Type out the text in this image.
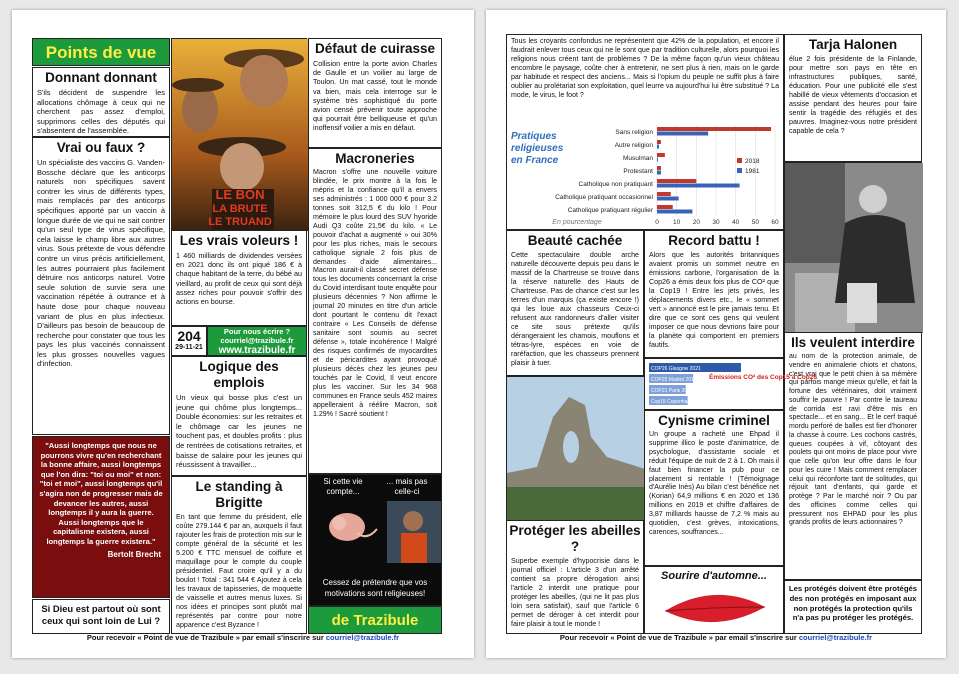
Points de vue
Donnant donnant
S'ils décident de suspendre les allocations chômage à ceux qui ne cherchent pas assez d'emploi, supprimons celles des députés qui s'absentent de l'assemblée.
Vrai ou faux ?
Un spécialiste des vaccins G. Vanden-Bossche déclare que les anticorps naturels non spécifiques savent contrer les virus de différents types, mais remplacés par des anticorps spécifiques apporté par un vaccin à longue durée de vie qui ne sait contrer qu'un seul type de virus spécifique, cela laisse le champ libre aux autres virus. Sous prétexte de vous défendre contre un virus précis artificiellement, les autres pourraient plus facilement détruire nos anticorps naturel. Votre seule solution de survie sera une vaccination répétée à outrance et à haute dose pour chaque nouveau variant de plus en plus infectieux. D'ailleurs pas besoin de beaucoup de recherche pour constater que tous les pays les plus vaccinés connaissent les plus grosses nouvelles vagues d'infection.
"Aussi longtemps que nous ne pourrons vivre qu'en recherchant la bonne affaire, aussi longtemps que l'on dira: "toi ou moi" et non: "toi et moi", aussi longtemps qu'il s'agira non de progresser mais de devancer les autres, aussi longtemps il y aura la guerre. Aussi longtemps que le capitalisme existera, aussi longtemps la guerre existera."
Bertolt Brecht
Si Dieu est partout où sont ceux qui sont loin de Lui ?
LE BON
LA BRUTE
LE TRUAND
Les vrais voleurs !
1 460 milliards de dividendes versées en 2021 donc ils ont piqué 186 € à chaque habitant de la terre, du bébé au vieillard, au profit de ceux qui sont déjà assez riches pour pouvoir s'offrir des actions en bourse.
204
29-11-21
Pour nous écrire ?
courriel@trazibule.fr
www.trazibule.fr
Logique des emplois
Un vieux qui bosse plus c'est un jeune qui chôme plus longtemps... Double économies: sur les retraites et le chômage car les jeunes ne touchent pas, et doubles profits : plus de rentrées de cotisations retraites, et baisse de salaire pour les jeunes qui réussissent à travailler...
Le standing à Brigitte
En tant que femme du président, elle coûte 279.144 € par an, auxquels il faut rajouter les frais de protection mis sur le compte général de la sécurité et les 5.200 € TTC mensuel de coiffure et maquillage pour le compte du couple présidentiel. Faut croire qu'il y a du boulot ! Total : 341 544 € Ajoutez à cela les travaux de tapisseries, de moquette de vaisselle et autres menus luxes. Si nos idées et principes sont plutôt mal représentés par contre pour notre apparence c'est Byzance !
Défaut de cuirasse
Collision entre la porte avion Charles de Gaulle et un voilier au large de Toulon. Un mat cassé, tout le monde va bien, mais cela interroge sur le système très sophistiqué du porte avion censé prévenir toute approche qui pourrait être belliqueuse et qu'un inoffensif voilier a mis en défaut.
Macroneries
Macron s'offre une nouvelle voiture blindée, le prix montre à la fois le mépris et la confiance qu'il a envers ses administrés : 1 000 000 € pour 3.2 tonnes soit 312,5 € du kilo ! Pour mémoire le plus lourd des SUV hyoride Audi Q3 coûte 21,5€ du kilo. « Le pouvoir d'achat a augmenté » oui 30% pour les plus riches, mais le secours catholique signale 2 fois plus de demandes d'aide alimentaires... Macron aurait-il classé secret défense tous les documents concernant la crise du Covid interdisant toute enquête pour plusieurs décennies ? Non affirme le journal 20 minutes en titre d'un article dont pourtant le contenu dit l'exact contraire « Les Conseils de défense sanitaire sont soumis au secret défense », totale incohérence ! Malgré des risques confirmés de myocardites et de péricardites ayant provoqué plusieurs décès chez les jeunes peu touchés par le Covid, Il veut encore plus les vacciner. Sur les 34 968 communes en France seuls 452 maires appelleraient à réélire Macron, soit 1.29% ! Sacré soutient !
Si cette vie compte...
... mais pas celle-ci
Cessez de prétendre que vos motivations sont religieuses!
de Trazibule
Pour recevoir « Point de vue de Trazibule » par email s'inscrire sur courriel@trazibule.fr
Tous les croyants confondus ne représentent que 42% de la population, et encore il faudrait enlever tous ceux qui ne le sont que par tradition culturelle, alors pourquoi les religions nous créent tant de problèmes ? De la même façon qu'un vieux château encombre le paysage, coûte cher à entretenir, ne sert plus à rien, mais on le garde par habitude et respect des anciens... Mais si l'opium du peuple ne suffit plus à faire oublier au prolétariat son exploitation, quel leurre va aujourd'hui lui être substitué ? La mode, le virus, le foot ?
Pratiques
religieuses
en France
Sans religion
Autre religion
Musulman
Protestant
Catholique non pratiquant
Catholique pratiquant occasionnel
Catholique pratiquant régulier
0 10 20 30 40 50 60
2018
1981
En pourcentage
Tarja Halonen
élue 2 fois présidente de la Finlande, pour mettre son pays en tête en infrastructures publiques, santé, éducation. Pour une publicité elle s'est habillé de vieux vêtements d'occasion et assise pendant des heures pour faire sentir la tragédie des réfugiés et des pauvres. Imaginez-vous notre président capable de cela ?
Ils veulent interdire
au nom de la protection animale, de vendre en animalerie chiots et chatons, c'est vrai que le petit chien à sa mémère qui parfois mange mieux qu'elle, et fait la fortune des vétérinaires, doit vraiment souffrir le pauvre ! Par contre le taureau de corrida est ravi d'être mis en spectacle... et en sang... Et le cerf traqué mordu perforé de balles est fier d'honorer la chasse à courre. Les cochons castrés, queues coupées à vif, côtoyant des poulets qui ont moins de place pour vivre que celle qu'on leur offre dans le four pour les cuire ! Mais comment remplacer celui qui réconforte tant de solitudes, qui réjouit tant d'enfants, qui garde et protège ? Par le marché noir ? Ou par des officines comme celles qui pressurent nos EHPAD pour les plus grands profits de leurs actionnaires ?
Les protégés doivent être protégés des non protégés en imposant aux non protégés la protection qu'ils n'a pas pu protéger les protégés.
Beauté cachée
Cette spectaculaire double arche naturelle découverte depuis peu dans le massif de la Chartreuse se trouve dans la réserve naturelle des Hauts de Chartreuse. Pas de chance c'est sur les terres d'un marquis (ça existe encore !) qui les loue aux chasseurs Ceux-ci refusent aux randonneurs d'aller visiter ce site sous prétexte qu'ils dérangeraient les chamois, mouflons et tétras-lyre, espèces en voie de raréfaction, que les chasseurs prennent plaisir à tuer.
Protéger les abeilles ?
Superbe exemple d'hypocrisie dans le journal officiel : L'article 3 d'un arrêté contient sa propre dérogation ainsi l'article 2 interdit une pratique pour protéger les abeilles, (qui ne lit pas plus loin sera satisfait), sauf que l'article 6 permet de déroger à cet interdit pour faire plaisir à tout le monde !
Record battu !
Alors que les autorités britanniques avaient promis un sommet neutre en émissions carbone, l'organisation de la Cop26 a émis deux fois plus de CO² que la Cop19 ! Entre les jets privés, les déplacements divers etc., le « sommet vert » annoncé est le pire jamais tenu. Et dire que ce sont ces gens qui veulent imposer ce que nous devrions faire pour la planète qui comportent en premiers fautifs.
COP26 Glasgow 2021
COP25 Madrid 2019
COP21 Paris 2015
Cop15 Copenhague 2009
Émissions CO² des Cop15 à Cop26
Cynisme criminel
Un groupe a racheté une Ehpad il supprime illico le poste d'animatrice, de psychologue, d'assistante sociale et réduit l'équipe de nuit de 2 à 1. Oh mais il faut bien financer la pub pour ce placement si rentable ! (Témoignage d'Aurélie Inès) Au bilan c'est bénéfice net (Korian) 64,9 millions € en 2020 et 136 millions en 2019 et chiffre d'affaires de 3,87 milliards hausse de 7,2 % mais au quotidien, c'est grèves, intoxications, carences, souffrances...
Sourire d'automne...
Pour recevoir « Point de vue de Trazibule » par email s'inscrire sur courriel@trazibule.fr
